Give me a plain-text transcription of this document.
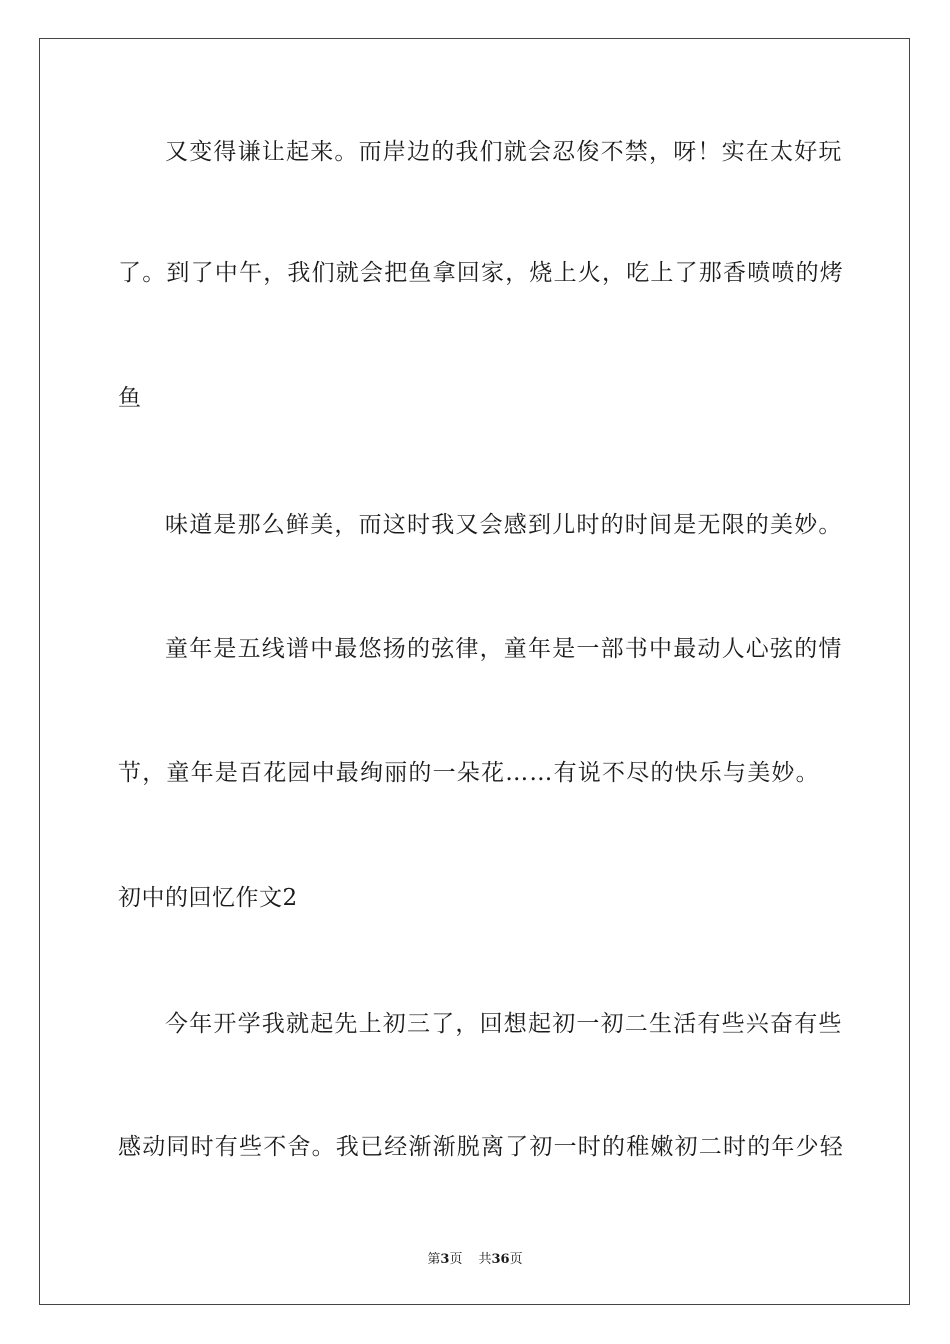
又变得谦让起来。而岸边的我们就会忍俊不禁，呀！实在太好玩

了。到了中午，我们就会把鱼拿回家，烧上火，吃上了那香喷喷的烤

鱼

味道是那么鲜美，而这时我又会感到儿时的时间是无限的美妙。

童年是五线谱中最悠扬的弦律，童年是一部书中最动人心弦的情

节，童年是百花园中最绚丽的一朵花……有说不尽的快乐与美妙。

初中的回忆作文2

今年开学我就起先上初三了，回想起初一初二生活有些兴奋有些

感动同时有些不舍。我已经渐渐脱离了初一时的稚嫩初二时的年少轻

第3页 共36页
